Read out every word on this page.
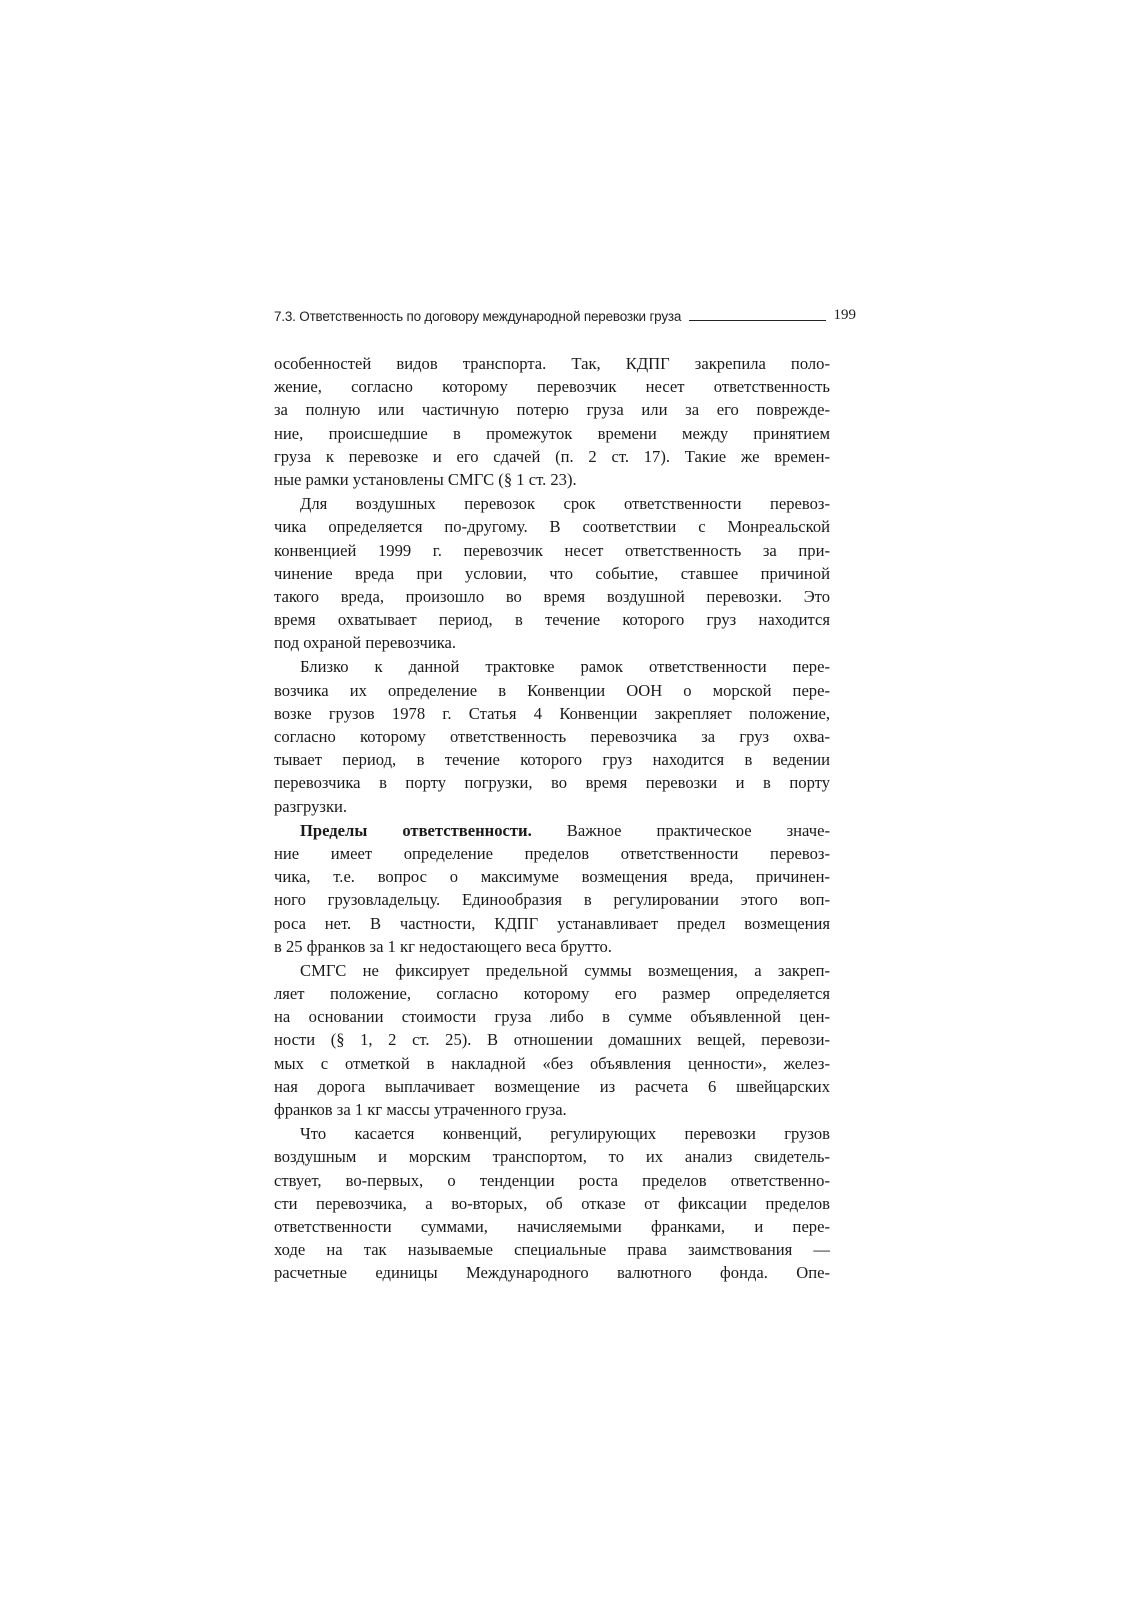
7.3. Ответственность по договору международной перевозки груза	199
особенностей видов транспорта. Так, КДПГ закрепила поло-
жение, согласно которому перевозчик несет ответственность
за полную или частичную потерю груза или за его поврежде-
ние, происшедшие в промежуток времени между принятием
груза к перевозке и его сдачей (п. 2 ст. 17). Такие же времен-
ные рамки установлены СМГС (§ 1 ст. 23).
Для воздушных перевозок срок ответственности перевоз-
чика определяется по-другому. В соответствии с Монреальской
конвенцией 1999 г. перевозчик несет ответственность за при-
чинение вреда при условии, что событие, ставшее причиной
такого вреда, произошло во время воздушной перевозки. Это
время охватывает период, в течение которого груз находится
под охраной перевозчика.
Близко к данной трактовке рамок ответственности пере-
возчика их определение в Конвенции ООН о морской пере-
возке грузов 1978 г. Статья 4 Конвенции закрепляет положение,
согласно которому ответственность перевозчика за груз охва-
тывает период, в течение которого груз находится в ведении
перевозчика в порту погрузки, во время перевозки и в порту
разгрузки.
Пределы ответственности. Важное практическое значе-
ние имеет определение пределов ответственности перевоз-
чика, т.е. вопрос о максимуме возмещения вреда, причинен-
ного грузовладельцу. Единообразия в регулировании этого воп-
роса нет. В частности, КДПГ устанавливает предел возмещения
в 25 франков за 1 кг недостающего веса брутто.
СМГС не фиксирует предельной суммы возмещения, а закреп-
ляет положение, согласно которому его размер определяется
на основании стоимости груза либо в сумме объявленной цен-
ности (§ 1, 2 ст. 25). В отношении домашних вещей, перевози-
мых с отметкой в накладной «без объявления ценности», желез-
ная дорога выплачивает возмещение из расчета 6 швейцарских
франков за 1 кг массы утраченного груза.
Что касается конвенций, регулирующих перевозки грузов
воздушным и морским транспортом, то их анализ свидетель-
ствует, во-первых, о тенденции роста пределов ответственно-
сти перевозчика, а во-вторых, об отказе от фиксации пределов
ответственности суммами, начисляемыми франками, и пере-
ходе на так называемые специальные права заимствования —
расчетные единицы Международного валютного фонда. Опе-
